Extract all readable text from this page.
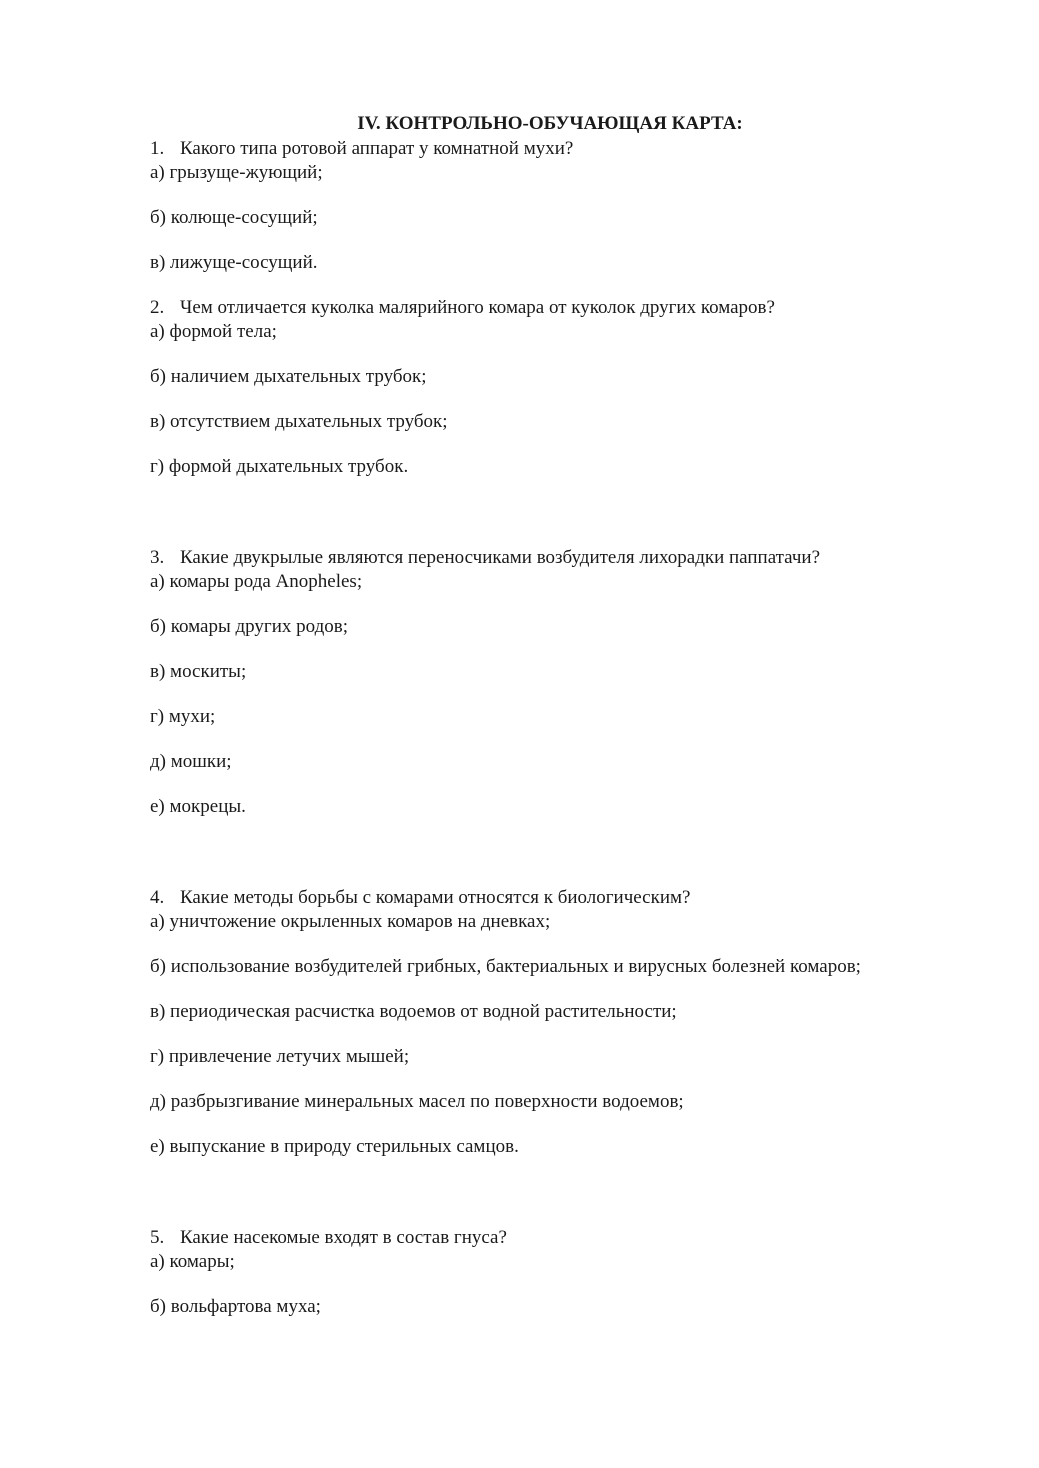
IV. КОНТРОЛЬНО-ОБУЧАЮЩАЯ КАРТА:
1. Какого типа ротовой аппарат у комнатной мухи?
а) грызуще-жующий;
б) колюще-сосущий;
в) лижуще-сосущий.
2. Чем отличается куколка малярийного комара от куколок других комаров?
а) формой тела;
б) наличием дыхательных трубок;
в) отсутствием дыхательных трубок;
г) формой дыхательных трубок.
3. Какие двукрылые являются переносчиками возбудителя лихорадки паппатачи?
а) комары рода Anopheles;
б) комары других родов;
в) москиты;
г) мухи;
д) мошки;
е) мокрецы.
4. Какие методы борьбы с комарами относятся к биологическим?
а) уничтожение окрыленных комаров на дневках;
б) использование возбудителей грибных, бактериальных и вирусных болезней комаров;
в) периодическая расчистка водоемов от водной растительности;
г) привлечение летучих мышей;
д) разбрызгивание минеральных масел по поверхности водоемов;
е) выпускание в природу стерильных самцов.
5. Какие насекомые входят в состав гнуса?
а) комары;
б) вольфартова муха;
